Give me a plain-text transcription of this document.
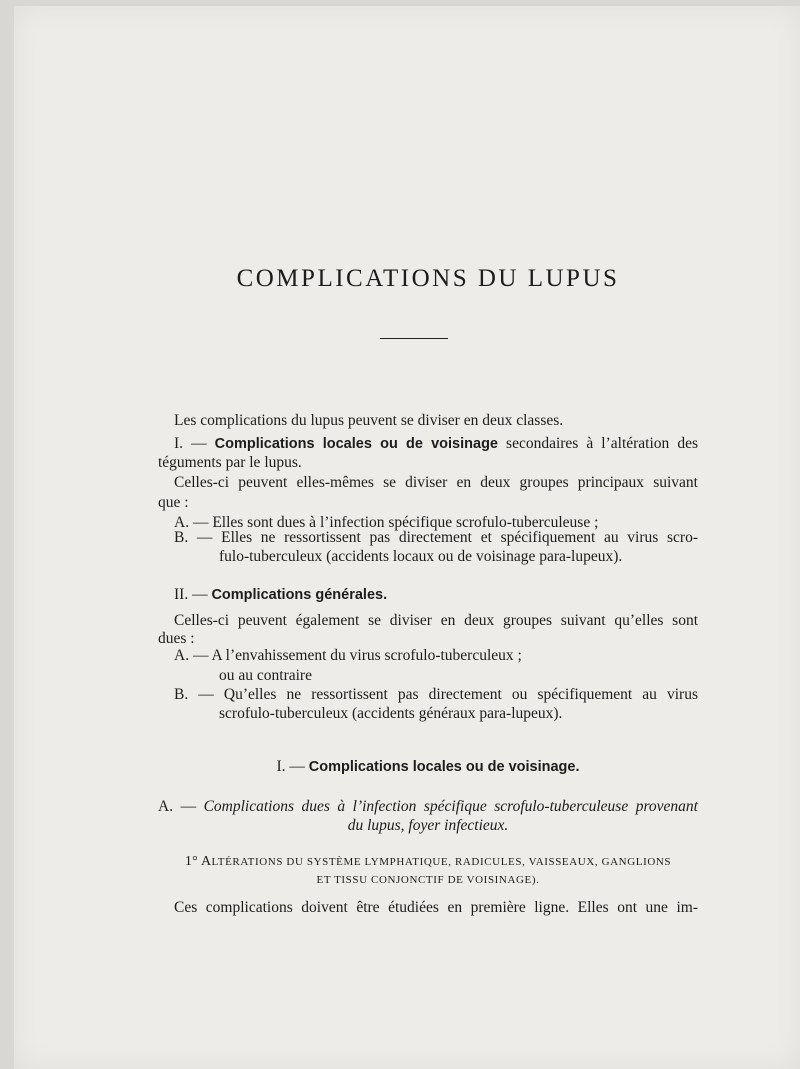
COMPLICATIONS DU LUPUS
Les complications du lupus peuvent se diviser en deux classes.
I. — Complications locales ou de voisinage secondaires à l’altération des
téguments par le lupus.
Celles-ci peuvent elles-mêmes se diviser en deux groupes principaux suivant
que :
A. — Elles sont dues à l’infection spécifique scrofulo-tuberculeuse ;
B. — Elles ne ressortissent pas directement et spécifiquement au virus scro-
fulo-tuberculeux (accidents locaux ou de voisinage para-lupeux).
II. — Complications générales.
Celles-ci peuvent également se diviser en deux groupes suivant qu’elles sont
dues :
A. — A l’envahissement du virus scrofulo-tuberculeux ;
ou au contraire
B. — Qu’elles ne ressortissent pas directement ou spécifiquement au virus
scrofulo-tuberculeux (accidents généraux para-lupeux).
I. — Complications locales ou de voisinage.
A. — Complications dues à l’infection spécifique scrofulo-tuberculeuse provenant
du lupus, foyer infectieux.
1° ALTÉRATIONS DU SYSTÈME LYMPHATIQUE, RADICULES, VAISSEAUX, GANGLIONS
ET TISSU CONJONCTIF DE VOISINAGE).
Ces complications doivent être étudiées en première ligne. Elles ont une im-
